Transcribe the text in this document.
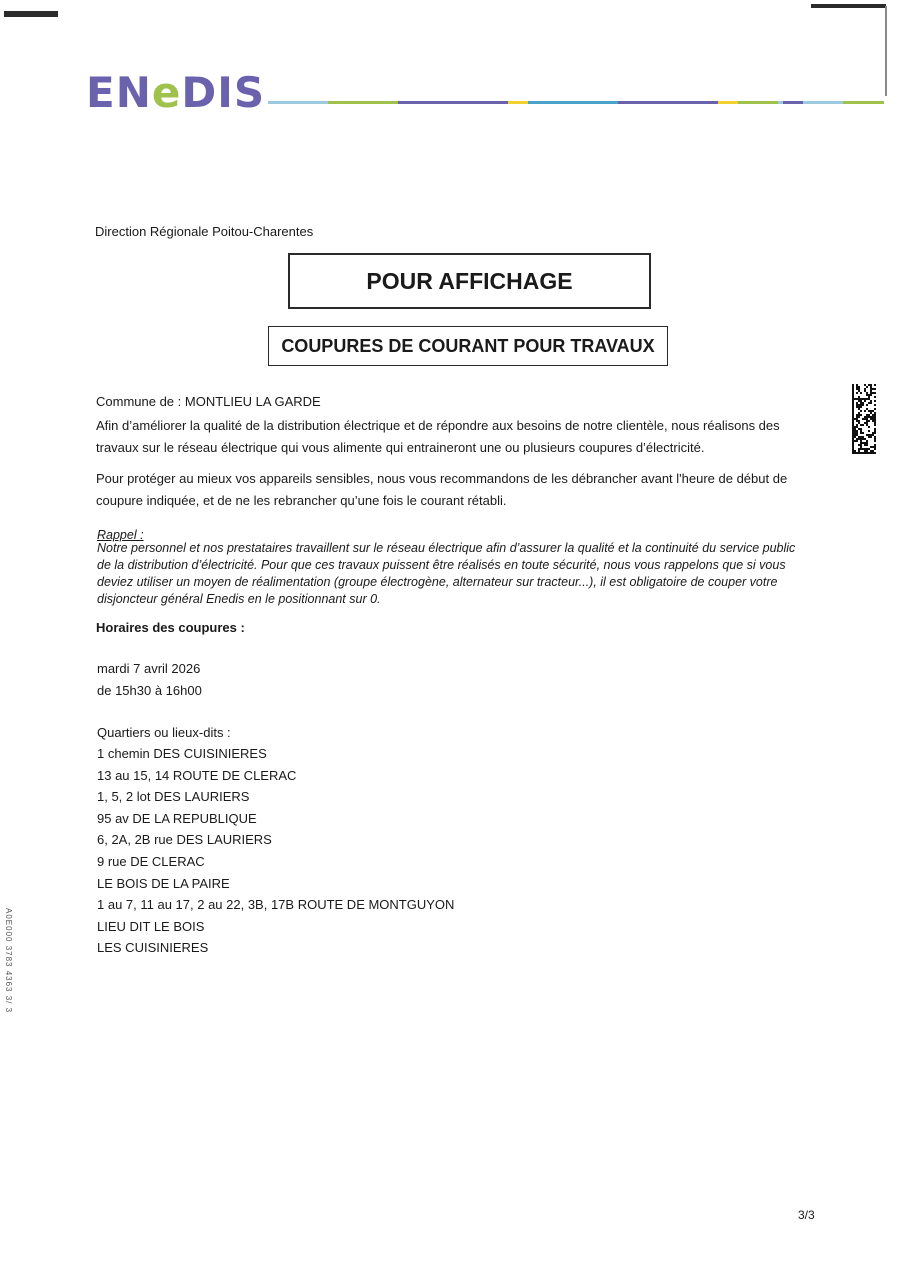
ENeDIS
Direction Régionale Poitou-Charentes
POUR AFFICHAGE
COUPURES DE COURANT POUR TRAVAUX
Commune de : MONTLIEU LA GARDE
Afin d’améliorer la qualité de la distribution électrique et de répondre aux besoins de notre clientèle, nous réalisons des travaux sur le réseau électrique qui vous alimente qui entraineront une ou plusieurs coupures d’électricité.
Pour protéger au mieux vos appareils sensibles, nous vous recommandons de les débrancher avant l'heure de début de coupure indiquée, et de ne les rebrancher qu’une fois le courant rétabli.
Rappel :
Notre personnel et nos prestataires travaillent sur le réseau électrique afin d’assurer la qualité et la continuité du service public de la distribution d’électricité. Pour que ces travaux puissent être réalisés en toute sécurité, nous vous rappelons que si vous deviez utiliser un moyen de réalimentation (groupe électrogène, alternateur sur tracteur...), il est obligatoire de couper votre disjoncteur général Enedis en le positionnant sur 0.
Horaires des coupures :
mardi 7 avril 2026
de 15h30 à 16h00
Quartiers ou lieux-dits :
1 chemin DES CUISINIERES
13 au 15, 14 ROUTE DE CLERAC
1, 5, 2 lot DES LAURIERS
95 av DE LA REPUBLIQUE
6, 2A, 2B rue DES LAURIERS
9 rue DE CLERAC
LE BOIS DE LA PAIRE
1 au 7, 11 au 17, 2 au 22, 3B, 17B ROUTE DE MONTGUYON
LIEU DIT LE BOIS
LES CUISINIERES
A0E000 3783 4363 3/ 3
3/3
